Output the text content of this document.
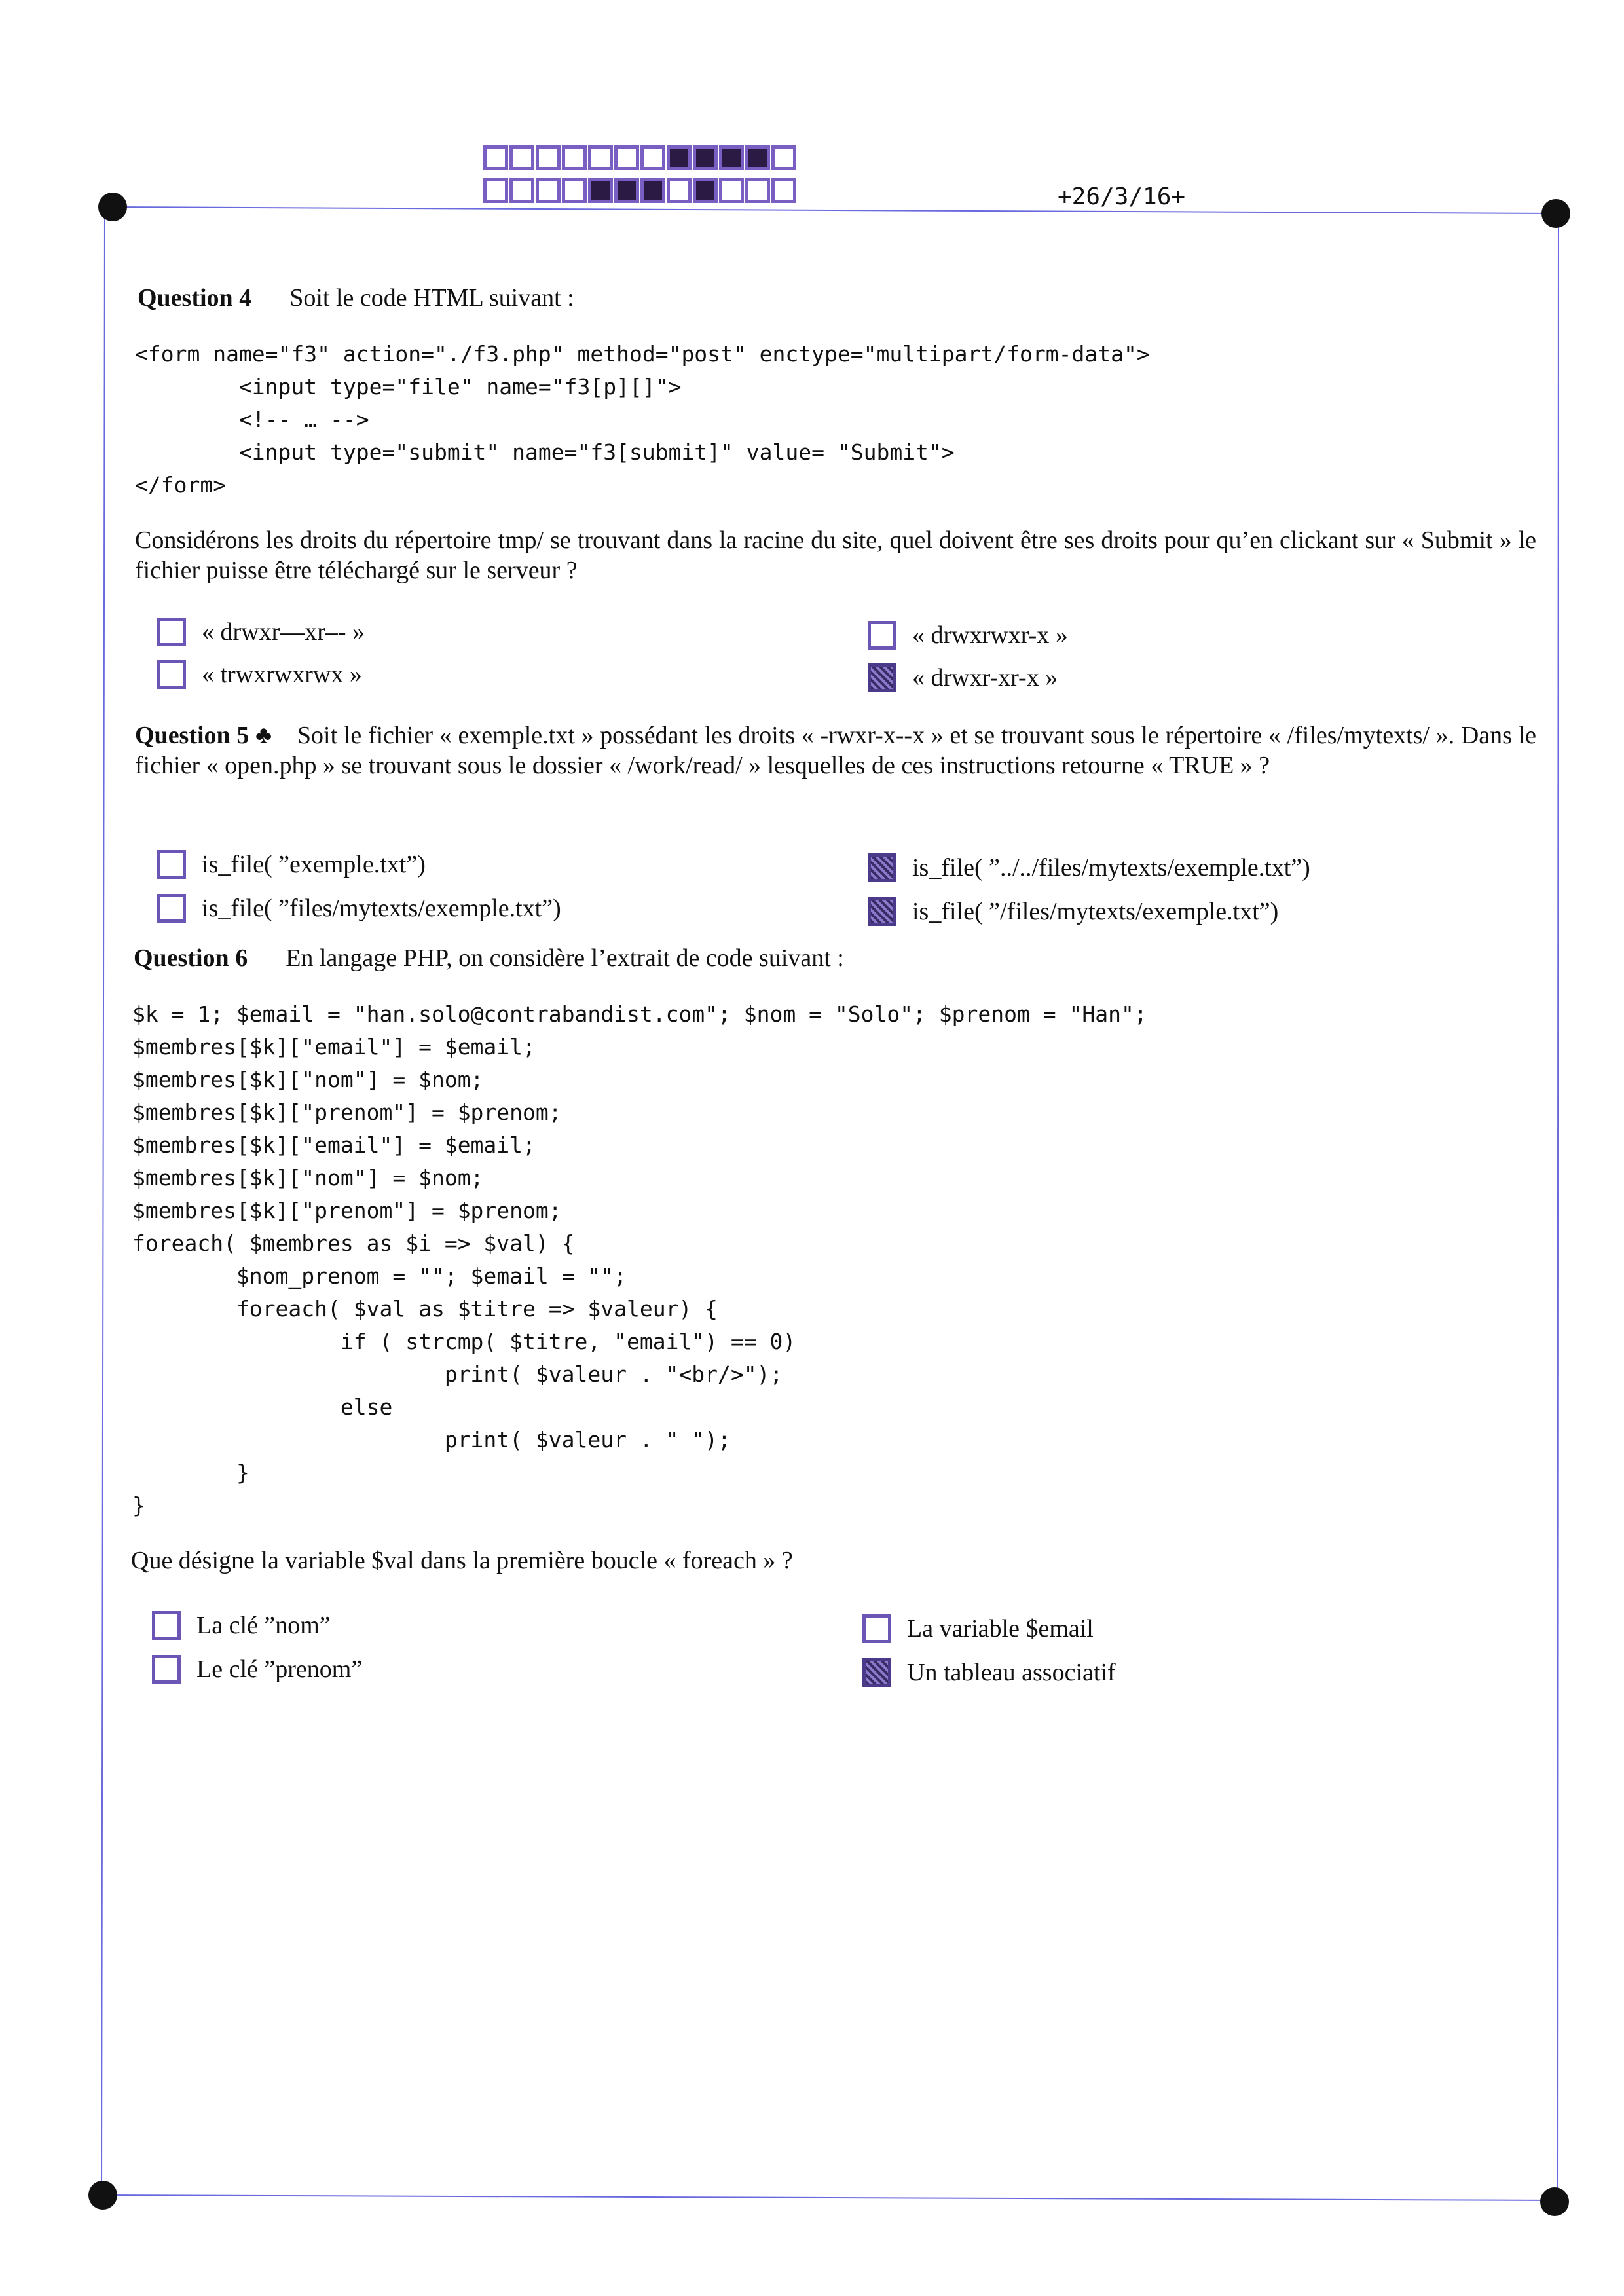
+26/3/16+
Question 4 Soit le code HTML suivant :
<form name="f3" action="./f3.php" method="post" enctype="multipart/form-data">
<input type="file" name="f3[p][]">
<!-- … -->
<input type="submit" name="f3[submit]" value= "Submit">
</form>
Considérons les droits du répertoire tmp/ se trouvant dans la racine du site, quel doivent être ses droits pour qu’en clickant sur « Submit » le fichier puisse être téléchargé sur le serveur ?
« drwxr—xr–- »	« drwxrwxr-x »
« trwxrwxrwx »	« drwxr-xr-x »
Question 5 ♣ Soit le fichier « exemple.txt » possédant les droits « -rwxr-x--x » et se trouvant sous le répertoire « /files/mytexts/ ». Dans le fichier « open.php » se trouvant sous le dossier « /work/read/ » lesquelles de ces instructions retourne « TRUE » ?
is_file( ”exemple.txt”)	is_file( ”../../files/mytexts/exemple.txt”)
is_file( ”files/mytexts/exemple.txt”)	is_file( ”/files/mytexts/exemple.txt”)
Question 6 En langage PHP, on considère l’extrait de code suivant :
$k = 1; $email = "han.solo@contrabandist.com"; $nom = "Solo"; $prenom = "Han";
$membres[$k]["email"] = $email;
$membres[$k]["nom"] = $nom;
$membres[$k]["prenom"] = $prenom;
$membres[$k]["email"] = $email;
$membres[$k]["nom"] = $nom;
$membres[$k]["prenom"] = $prenom;
foreach( $membres as $i => $val) {
$nom_prenom = ""; $email = "";
foreach( $val as $titre => $valeur) {
if ( strcmp( $titre, "email") == 0)
print( $valeur . "<br/>");
else
print( $valeur . " ");
}
}
Que désigne la variable $val dans la première boucle « foreach » ?
La clé ”nom”	La variable $email
Le clé ”prenom”	Un tableau associatif
